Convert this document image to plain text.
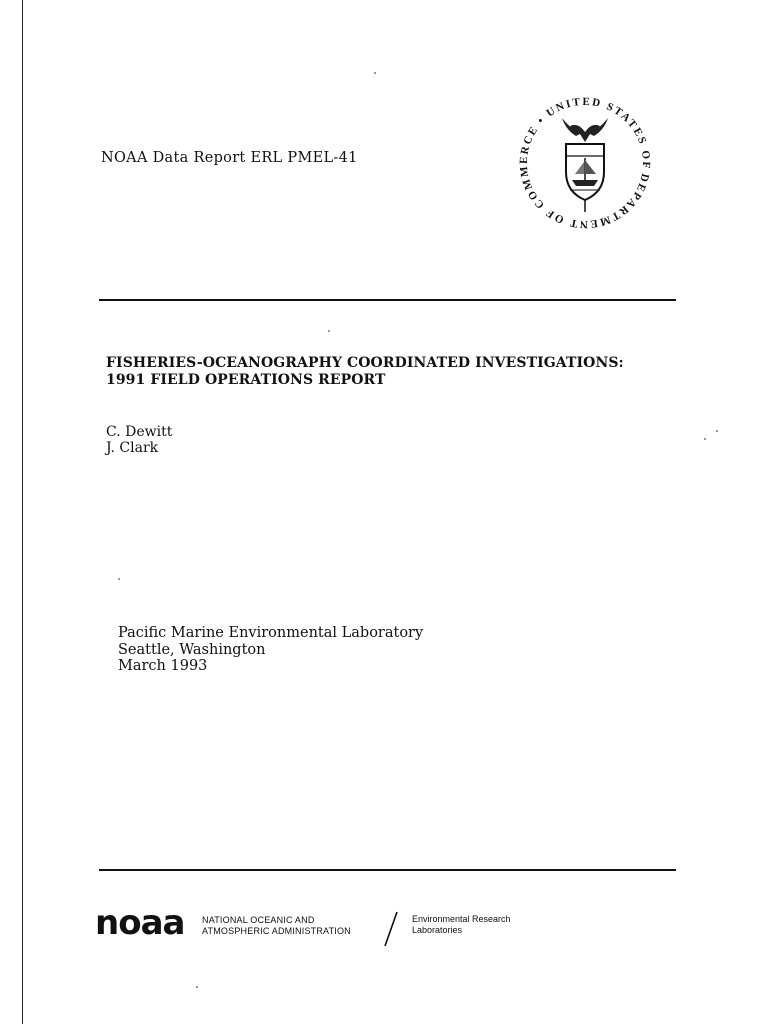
NOAA Data Report ERL PMEL-41
DEPARTMENT OF COMMERCE • UNITED STATES OF
FISHERIES-OCEANOGRAPHY COORDINATED INVESTIGATIONS:
1991 FIELD OPERATIONS REPORT
C. Dewitt
J. Clark
Pacific Marine Environmental Laboratory
Seattle, Washington
March 1993
noaa NATIONAL OCEANIC AND
ATMOSPHERIC ADMINISTRATION
Environmental Research
Laboratories
